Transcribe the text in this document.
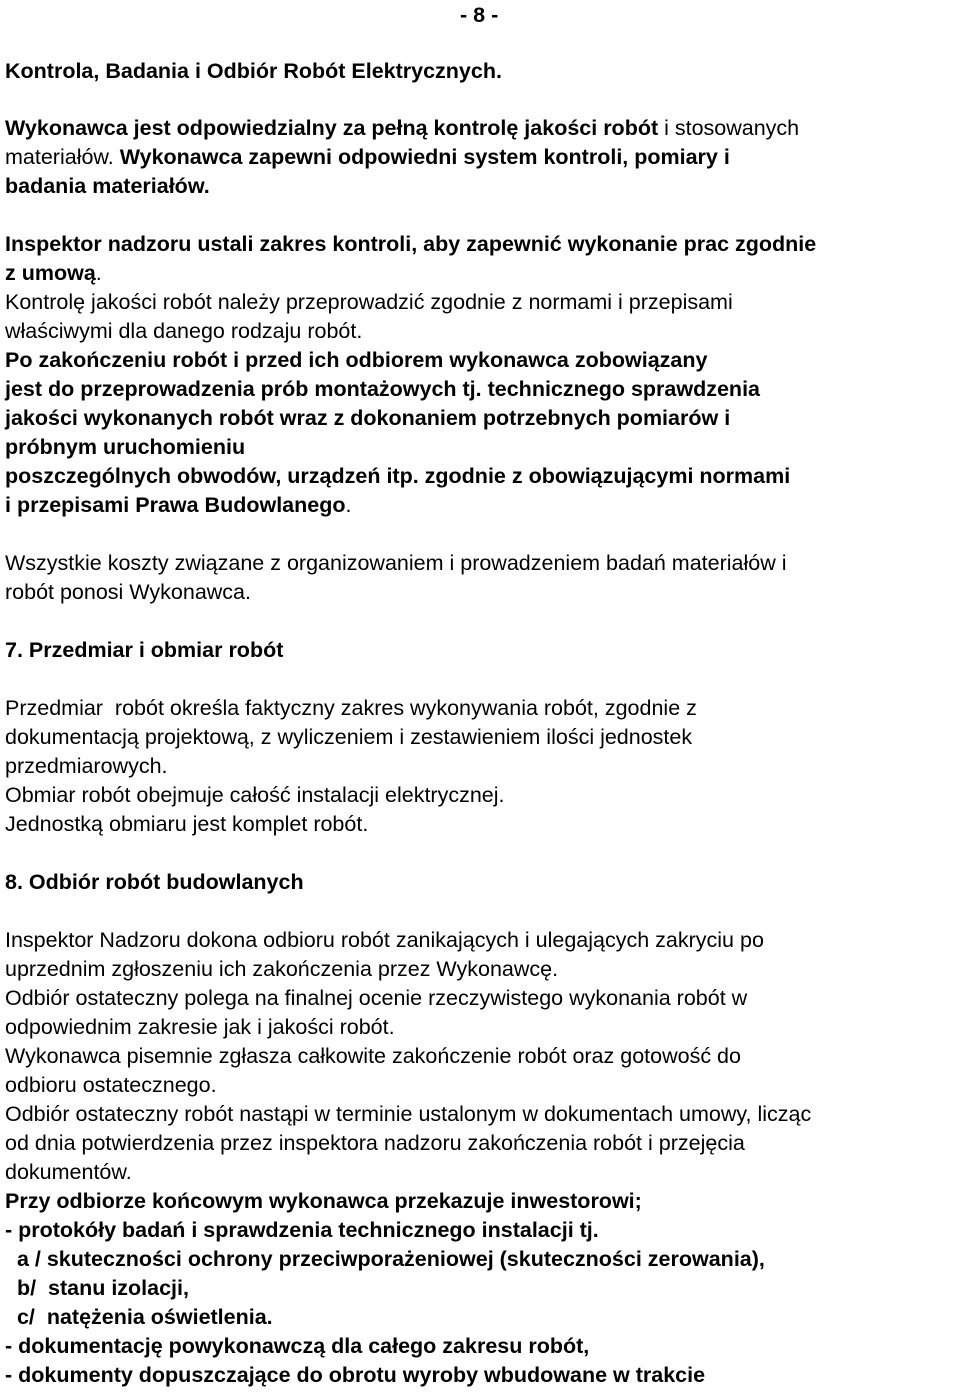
- 8 -

Kontrola, Badania i Odbiór Robót Elektrycznych.

Wykonawca jest odpowiedzialny za pełną kontrolę jakości robót i stosowanych

materiałów. Wykonawca zapewni odpowiedni system kontroli, pomiary i

badania materiałów.

Inspektor nadzoru ustali zakres kontroli, aby zapewnić wykonanie prac zgodnie

z umową.

Kontrolę jakości robót należy przeprowadzić zgodnie z normami i przepisami

właściwymi dla danego rodzaju robót.

Po zakończeniu robót i przed ich odbiorem wykonawca zobowiązany

jest do przeprowadzenia prób montażowych tj. technicznego sprawdzenia

jakości wykonanych robót wraz z dokonaniem potrzebnych pomiarów i

próbnym uruchomieniu

poszczególnych obwodów, urządzeń itp. zgodnie z obowiązującymi normami

i przepisami Prawa Budowlanego.

Wszystkie koszty związane z organizowaniem i prowadzeniem badań materiałów i

robót ponosi Wykonawca.

7. Przedmiar i obmiar robót

Przedmiar  robót określa faktyczny zakres wykonywania robót, zgodnie z

dokumentacją projektową, z wyliczeniem i zestawieniem ilości jednostek

przedmiarowych.

Obmiar robót obejmuje całość instalacji elektrycznej.

Jednostką obmiaru jest komplet robót.

8. Odbiór robót budowlanych

Inspektor Nadzoru dokona odbioru robót zanikających i ulegających zakryciu po

uprzednim zgłoszeniu ich zakończenia przez Wykonawcę.

Odbiór ostateczny polega na finalnej ocenie rzeczywistego wykonania robót w

odpowiednim zakresie jak i jakości robót.

Wykonawca pisemnie zgłasza całkowite zakończenie robót oraz gotowość do

odbioru ostatecznego.

Odbiór ostateczny robót nastąpi w terminie ustalonym w dokumentach umowy, licząc

od dnia potwierdzenia przez inspektora nadzoru zakończenia robót i przejęcia

dokumentów.

Przy odbiorze końcowym wykonawca przekazuje inwestorowi;

- protokóły badań i sprawdzenia technicznego instalacji tj.

a / skuteczności ochrony przeciwporażeniowej (skuteczności zerowania),

b/  stanu izolacji,

c/  natężenia oświetlenia.

- dokumentację powykonawczą dla całego zakresu robót,

- dokumenty dopuszczające do obrotu wyroby wbudowane w trakcie
